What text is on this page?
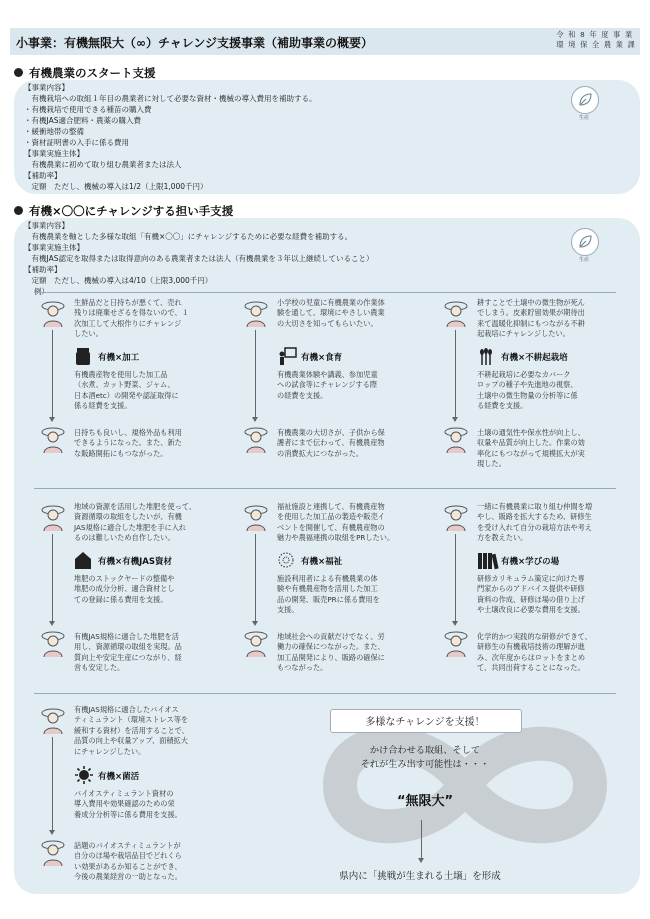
小事業：有機無限大（∞）チャレンジ支援事業（補助事業の概要）
令 和 8 年 度 事 業
環 境 保 全 農 業 課
有機農業のスタート支援
【事業内容】
　有機栽培への取組１年目の農業者に対して必要な資材・機械の導入費用を補助する。
・有機栽培で使用できる種苗の購入費
・有機JAS適合肥料・農薬の購入費
・緩衝地帯の整備
・資材証明書の入手に係る費用
【事業実施主体】
　有機農業に初めて取り組む農業者または法人
【補助率】
　定額　ただし、機械の導入は1/2（上限1,000千円）
生産
有機×〇〇にチャレンジする担い手支援
【事業内容】
　有機農業を軸とした多様な取組「有機×〇〇」にチャレンジするために必要な経費を補助する。
【事業実施主体】
　有機JAS認定を取得または取得意向のある農業者または法人（有機農業を３年以上継続していること）
【補助率】
　定額　ただし、機械の導入は4/10（上限3,000千円）
生産
例）
生鮮品だと日持ちが悪くて、売れ
残りは廃棄せざるを得ないので、１
次加工して大根作りにチャレンジ
したい。
有機×加工
有機農産物を使用した加工品
（水煮、カット野菜、ジャム、
日本酒etc）の開発や認証取得に
係る経費を支援。
日持ちも良いし、規格外品も利用
できるようになった。また、新た
な販路開拓にもつながった。
小学校の児童に有機農業の作業体
験を通して、環境にやさしい農業
の大切さを知ってもらいたい。
有機×食育
有機農業体験や講義、参加児童
への試食等にチャレンジする際
の経費を支援。
有機農業の大切さが、子供から保
護者にまで伝わって、有機農産物
の消費拡大につながった。
耕すことで土壌中の微生物が死ん
でしまう。皮素貯留効果が期待出
来て温暖化抑制にもつながる不耕
起栽培にチャレンジしたい。
有機×不耕起栽培
不耕起栽培に必要なカバーク
ロップの種子や先進地の視察、
土壌中の微生物量の分析等に係
る経費を支援。
土壌の通気性や保水性が向上し、
収量や品質が向上した。作業の効
率化にもつながって規模拡大が実
現した。
地域の資源を活用した堆肥を使って、
資源循環の取組をしたいが、有機
JAS規格に適合した堆肥を手に入れ
るのは難しいため自作したい。
有機×有機JAS資材
堆肥のストックヤードの整備や
堆肥の成分分析、適合資材とし
ての登録に係る費用を支援。
有機JAS規格に適合した堆肥を活
用し、資源循環の取組を実現。品
質向上や安定生産につながり、経
営も安定した。
福祉施設と連携して、有機農産物
を使用した加工品の製造や販売イ
ベントを開催して、有機農産物の
魅力や農福連携の取組をPRしたい。
有機×福祉
施設利用者による有機農業の体
験や有機農産物を活用した加工
品の開発、販売PRに係る費用を
支援。
地域社会への貢献だけでなく、労
働力の確保につながった。また、
加工品開発により、販路の確保に
もつながった。
一緒に有機農業に取り組む仲間を増
やし、販路を拡大するため、研修生
を受け入れて自分の栽培方法や考え
方を教えたい。
有機×学びの場
研修カリキュラム策定に向けた専
門家からのアドバイス提供や研修
資料の作成、研修ほ場の借り上げ
や土壌改良に必要な費用を支援。
化学的かつ実践的な研修ができて、
研修生の有機栽培技術の理解が進
み、次年度からはロットをまとめ
て、共同出荷することになった。
有機JAS規格に適合したバイオス
ティミュラント（環境ストレス等を
緩和する資材）を活用することで、
品質の向上や収量アップ、面積拡大
にチャレンジしたい。
有機×菌活
バイオスティミュラント資材の
導入費用や効果確認のための栄
養成分分析等に係る費用を支援。
話題のバイオスティミュラントが
自分のほ場や栽培品目でどれくら
い効果があるか知ることができ、
今後の農業経営の一助となった。
多様なチャレンジを支援！
かけ合わせる取組、そして
それが生み出す可能性は・・・
“無限大”
県内に「挑戦が生まれる土壌」を形成
